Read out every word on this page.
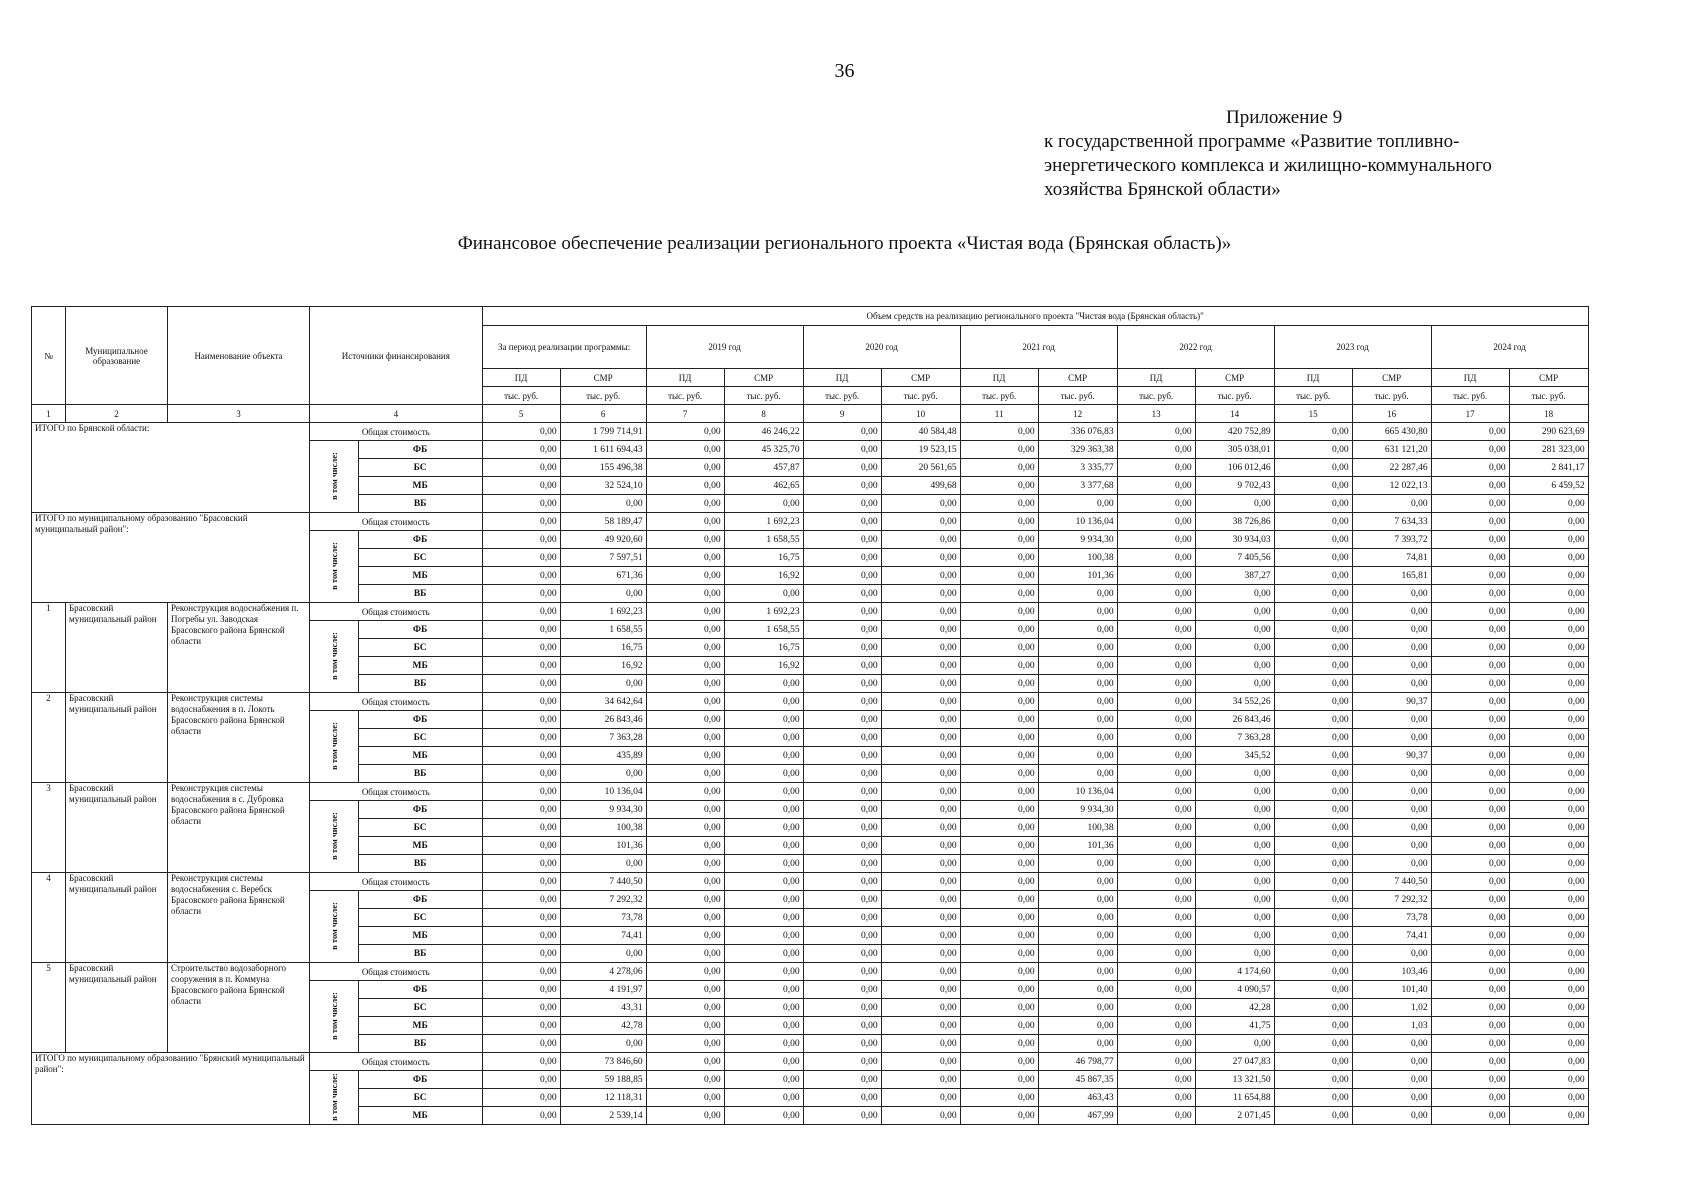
36
Приложение 9
к государственной программе «Развитие топливно-
энергетического комплекса и жилищно-коммунального
хозяйства Брянской области»
Финансовое обеспечение реализации регионального проекта «Чистая вода (Брянская область)»
№	Муниципальное образование	Наименование объекта	Источники финансирования		Объем средств на реализацию регионального проекта "Чистая вода (Брянская область)"													
					За период реализации программы:		2019 год		2020 год		2021 год		2022 год		2023 год		2024 год	
					ПД	СМР	ПД	СМР	ПД	СМР	ПД	СМР	ПД	СМР	ПД	СМР	ПД	СМР
					тыс. руб.	тыс. руб.	тыс. руб.	тыс. руб.	тыс. руб.	тыс. руб.	тыс. руб.	тыс. руб.	тыс. руб.	тыс. руб.	тыс. руб.	тыс. руб.	тыс. руб.	тыс. руб.
1	2	3	4		5	6	7	8	9	10	11	12	13	14	15	16	17	18
ИТОГО по Брянской области:			Общая стоимость		0,00	1 799 714,91	0,00	46 246,22	0,00	40 584,48	0,00	336 076,83	0,00	420 752,89	0,00	665 430,80	0,00	290 623,69
			в том числе:	ФБ	0,00	1 611 694,43	0,00	45 325,70	0,00	19 523,15	0,00	329 363,38	0,00	305 038,01	0,00	631 121,20	0,00	281 323,00
				БС	0,00	155 496,38	0,00	457,87	0,00	20 561,65	0,00	3 335,77	0,00	106 012,46	0,00	22 287,46	0,00	2 841,17
				МБ	0,00	32 524,10	0,00	462,65	0,00	499,68	0,00	3 377,68	0,00	9 702,43	0,00	12 022,13	0,00	6 459,52
				ВБ	0,00	0,00	0,00	0,00	0,00	0,00	0,00	0,00	0,00	0,00	0,00	0,00	0,00	0,00
ИТОГО по муниципальному образованию "Брасовский муниципальный район":			Общая стоимость		0,00	58 189,47	0,00	1 692,23	0,00	0,00	0,00	10 136,04	0,00	38 726,86	0,00	7 634,33	0,00	0,00
			в том числе:	ФБ	0,00	49 920,60	0,00	1 658,55	0,00	0,00	0,00	9 934,30	0,00	30 934,03	0,00	7 393,72	0,00	0,00
				БС	0,00	7 597,51	0,00	16,75	0,00	0,00	0,00	100,38	0,00	7 405,56	0,00	74,81	0,00	0,00
				МБ	0,00	671,36	0,00	16,92	0,00	0,00	0,00	101,36	0,00	387,27	0,00	165,81	0,00	0,00
				ВБ	0,00	0,00	0,00	0,00	0,00	0,00	0,00	0,00	0,00	0,00	0,00	0,00	0,00	0,00
1	Брасовский муниципальный район	Реконструкция водоснабжения п. Погребы ул. Заводская Брасовского района Брянской области	Общая стоимость		0,00	1 692,23	0,00	1 692,23	0,00	0,00	0,00	0,00	0,00	0,00	0,00	0,00	0,00	0,00
			в том числе:	ФБ	0,00	1 658,55	0,00	1 658,55	0,00	0,00	0,00	0,00	0,00	0,00	0,00	0,00	0,00	0,00
				БС	0,00	16,75	0,00	16,75	0,00	0,00	0,00	0,00	0,00	0,00	0,00	0,00	0,00	0,00
				МБ	0,00	16,92	0,00	16,92	0,00	0,00	0,00	0,00	0,00	0,00	0,00	0,00	0,00	0,00
				ВБ	0,00	0,00	0,00	0,00	0,00	0,00	0,00	0,00	0,00	0,00	0,00	0,00	0,00	0,00
2	Брасовский муниципальный район	Реконструкция системы водоснабжения в п. Локоть Брасовского района Брянской области	Общая стоимость		0,00	34 642,64	0,00	0,00	0,00	0,00	0,00	0,00	0,00	34 552,26	0,00	90,37	0,00	0,00
			в том числе:	ФБ	0,00	26 843,46	0,00	0,00	0,00	0,00	0,00	0,00	0,00	26 843,46	0,00	0,00	0,00	0,00
				БС	0,00	7 363,28	0,00	0,00	0,00	0,00	0,00	0,00	0,00	7 363,28	0,00	0,00	0,00	0,00
				МБ	0,00	435,89	0,00	0,00	0,00	0,00	0,00	0,00	0,00	345,52	0,00	90,37	0,00	0,00
				ВБ	0,00	0,00	0,00	0,00	0,00	0,00	0,00	0,00	0,00	0,00	0,00	0,00	0,00	0,00
3	Брасовский муниципальный район	Реконструкция системы водоснабжения в с. Дубровка Брасовского района Брянской области	Общая стоимость		0,00	10 136,04	0,00	0,00	0,00	0,00	0,00	10 136,04	0,00	0,00	0,00	0,00	0,00	0,00
			в том числе:	ФБ	0,00	9 934,30	0,00	0,00	0,00	0,00	0,00	9 934,30	0,00	0,00	0,00	0,00	0,00	0,00
				БС	0,00	100,38	0,00	0,00	0,00	0,00	0,00	100,38	0,00	0,00	0,00	0,00	0,00	0,00
				МБ	0,00	101,36	0,00	0,00	0,00	0,00	0,00	101,36	0,00	0,00	0,00	0,00	0,00	0,00
				ВБ	0,00	0,00	0,00	0,00	0,00	0,00	0,00	0,00	0,00	0,00	0,00	0,00	0,00	0,00
4	Брасовский муниципальный район	Реконструкция системы водоснабжения с. Веребск Брасовского района Брянской области	Общая стоимость		0,00	7 440,50	0,00	0,00	0,00	0,00	0,00	0,00	0,00	0,00	0,00	7 440,50	0,00	0,00
			в том числе:	ФБ	0,00	7 292,32	0,00	0,00	0,00	0,00	0,00	0,00	0,00	0,00	0,00	7 292,32	0,00	0,00
				БС	0,00	73,78	0,00	0,00	0,00	0,00	0,00	0,00	0,00	0,00	0,00	73,78	0,00	0,00
				МБ	0,00	74,41	0,00	0,00	0,00	0,00	0,00	0,00	0,00	0,00	0,00	74,41	0,00	0,00
				ВБ	0,00	0,00	0,00	0,00	0,00	0,00	0,00	0,00	0,00	0,00	0,00	0,00	0,00	0,00
5	Брасовский муниципальный район	Строительство водозаборного сооружения в п. Коммуна Брасовского района Брянской области	Общая стоимость		0,00	4 278,06	0,00	0,00	0,00	0,00	0,00	0,00	0,00	4 174,60	0,00	103,46	0,00	0,00
			в том числе:	ФБ	0,00	4 191,97	0,00	0,00	0,00	0,00	0,00	0,00	0,00	4 090,57	0,00	101,40	0,00	0,00
				БС	0,00	43,31	0,00	0,00	0,00	0,00	0,00	0,00	0,00	42,28	0,00	1,02	0,00	0,00
				МБ	0,00	42,78	0,00	0,00	0,00	0,00	0,00	0,00	0,00	41,75	0,00	1,03	0,00	0,00
				ВБ	0,00	0,00	0,00	0,00	0,00	0,00	0,00	0,00	0,00	0,00	0,00	0,00	0,00	0,00
ИТОГО по муниципальному образованию "Брянский муниципальный район":			Общая стоимость		0,00	73 846,60	0,00	0,00	0,00	0,00	0,00	46 798,77	0,00	27 047,83	0,00	0,00	0,00	0,00
			в том числе:	ФБ	0,00	59 188,85	0,00	0,00	0,00	0,00	0,00	45 867,35	0,00	13 321,50	0,00	0,00	0,00	0,00
				БС	0,00	12 118,31	0,00	0,00	0,00	0,00	0,00	463,43	0,00	11 654,88	0,00	0,00	0,00	0,00
				МБ	0,00	2 539,14	0,00	0,00	0,00	0,00	0,00	467,99	0,00	2 071,45	0,00	0,00	0,00	0,00
